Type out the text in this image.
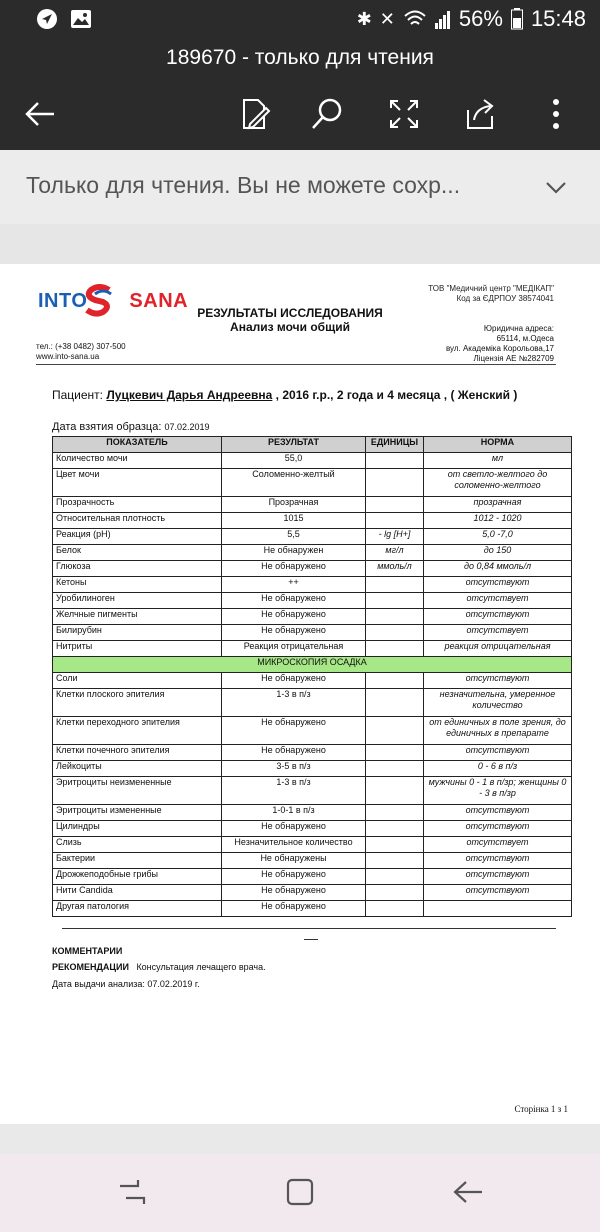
✱ ✕	56% 15:48
189670 - только для чтения
Только для чтения. Вы не можете сохр...
INTO SANA
ТОВ "Медичний центр "МЕДІКАП"
Код за ЄДРПОУ 38574041
РЕЗУЛЬТАТЫ ИССЛЕДОВАНИЯ
Анализ мочи общий	Юридична адреса:
65114, м.Одеса
вул. Академіка Корольова,17
Ліцензія АЕ №282709
тел.: (+38 0482) 307-500
www.into-sana.ua
Пациент: Луцкевич Дарья Андреевна , 2016 г.р., 2 года и 4 месяца , ( Женский )
Дата взятия образца: 07.02.2019
ПОКАЗАТЕЛЬ	РЕЗУЛЬТАТ	ЕДИНИЦЫ	НОРМА
Количество мочи	55,0		мл
Цвет мочи	Соломенно-желтый		от светло-желтого до соломенно-желтого
Прозрачность	Прозрачная		прозрачная
Относительная плотность	1015		1012 - 1020
Реакция (pH)	5,5	- lg [H+]	5,0 -7,0
Белок	Не обнаружен	мг/л	до 150
Глюкоза	Не обнаружено	ммоль/л	до 0,84 ммоль/л
Кетоны	++		отсутствуют
Уробилиноген	Не обнаружено		отсутствует
Желчные пигменты	Не обнаружено		отсутствуют
Билирубин	Не обнаружено		отсутствует
Нитриты	Реакция отрицательная		реакция отрицательная
МИКРОСКОПИЯ ОСАДКА			
Соли	Не обнаружено		отсутствуют
Клетки плоского эпителия	1-3 в п/з		незначительна, умеренное количество
Клетки переходного эпителия	Не обнаружено		от единичных в поле зрения, до единичных в препарате
Клетки почечного эпителия	Не обнаружено		отсутствуют
Лейкоциты	3-5 в п/з		0 - 6 в п/з
Эритроциты неизмененные	1-3 в п/з		мужчины 0 - 1 в п/зр; женщины 0 - 3 в п/зр
Эритроциты измененные	1-0-1 в п/з		отсутствуют
Цилиндры	Не обнаружено		отсутствуют
Слизь	Незначительное количество		отсутствует
Бактерии	Не обнаружены		отсутствуют
Дрожжеподобные грибы	Не обнаружено		отсутствуют
Нити Candida	Не обнаружено		отсутствуют
Другая патология	Не обнаружено		
КОММЕНТАРИИ
РЕКОМЕНДАЦИИ Консультация лечащего врача.
Дата выдачи анализа: 07.02.2019 г.
Сторінка 1 з 1
